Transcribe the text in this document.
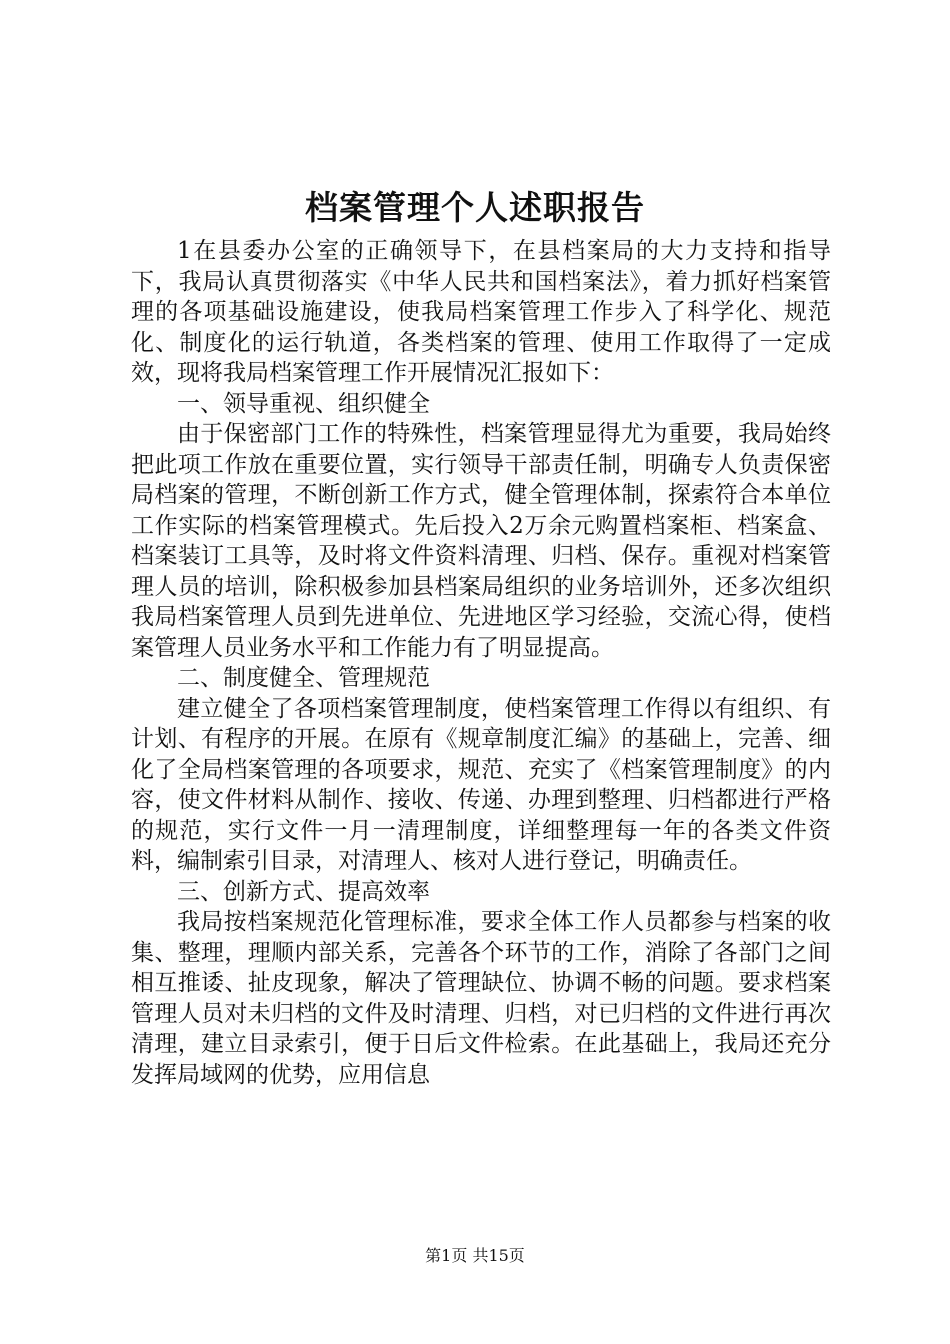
档案管理个人述职报告

1在县委办公室的正确领导下，在县档案局的大力支持和指导下，我局认真贯彻落实《中华人民共和国档案法》，着力抓好档案管理的各项基础设施建设，使我局档案管理工作步入了科学化、规范化、制度化的运行轨道，各类档案的管理、使用工作取得了一定成效，现将我局档案管理工作开展情况汇报如下：

一、领导重视、组织健全

由于保密部门工作的特殊性，档案管理显得尤为重要，我局始终把此项工作放在重要位置，实行领导干部责任制，明确专人负责保密局档案的管理，不断创新工作方式，健全管理体制，探索符合本单位工作实际的档案管理模式。先后投入2万余元购置档案柜、档案盒、档案装订工具等，及时将文件资料清理、归档、保存。重视对档案管理人员的培训，除积极参加县档案局组织的业务培训外，还多次组织我局档案管理人员到先进单位、先进地区学习经验，交流心得，使档案管理人员业务水平和工作能力有了明显提高。

二、制度健全、管理规范

建立健全了各项档案管理制度，使档案管理工作得以有组织、有计划、有程序的开展。在原有《规章制度汇编》的基础上，完善、细化了全局档案管理的各项要求，规范、充实了《档案管理制度》的内容，使文件材料从制作、接收、传递、办理到整理、归档都进行严格的规范，实行文件一月一清理制度，详细整理每一年的各类文件资料，编制索引目录，对清理人、核对人进行登记，明确责任。

三、创新方式、提高效率

我局按档案规范化管理标准，要求全体工作人员都参与档案的收集、整理，理顺内部关系，完善各个环节的工作，消除了各部门之间相互推诿、扯皮现象，解决了管理缺位、协调不畅的问题。要求档案管理人员对未归档的文件及时清理、归档，对已归档的文件进行再次清理，建立目录索引，便于日后文件检索。在此基础上，我局还充分发挥局域网的优势，应用信息

第1页 共15页
